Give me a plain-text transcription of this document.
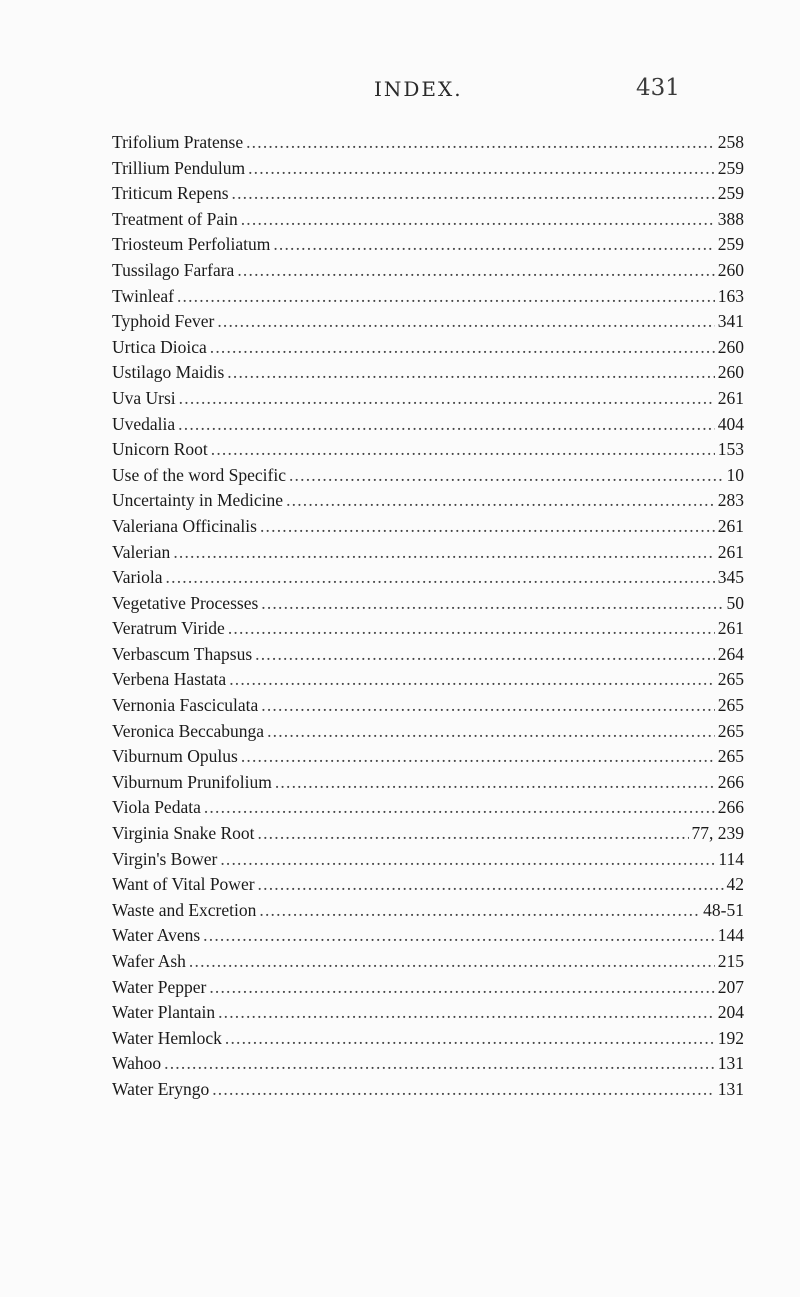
INDEX.	431
Trifolium Pratense .....	258
Trillium Pendulum .....	259
Triticum Repens .....	259
Treatment of Pain .....	388
Triosteum Perfoliatum .....	259
Tussilago Farfara .....	260
Twinleaf .....	163
Typhoid Fever .....	341
Urtica Dioica .....	260
Ustilago Maidis .....	260
Uva Ursi .....	261
Uvedalia .....	404
Unicorn Root .....	153
Use of the word Specific .....	10
Uncertainty in Medicine .....	283
Valeriana Officinalis .....	261
Valerian .....	261
Variola .....	345
Vegetative Processes .....	50
Veratrum Viride .....	261
Verbascum Thapsus .....	264
Verbena Hastata .....	265
Vernonia Fasciculata .....	265
Veronica Beccabunga .....	265
Viburnum Opulus .....	265
Viburnum Prunifolium .....	266
Viola Pedata .....	266
Virginia Snake Root .....	77, 239
Virgin's Bower .....	114
Want of Vital Power .....	42
Waste and Excretion .....	48-51
Water Avens .....	144
Wafer Ash .....	215
Water Pepper .....	207
Water Plantain .....	204
Water Hemlock .....	192
Wahoo .....	131
Water Eryngo .....	131
